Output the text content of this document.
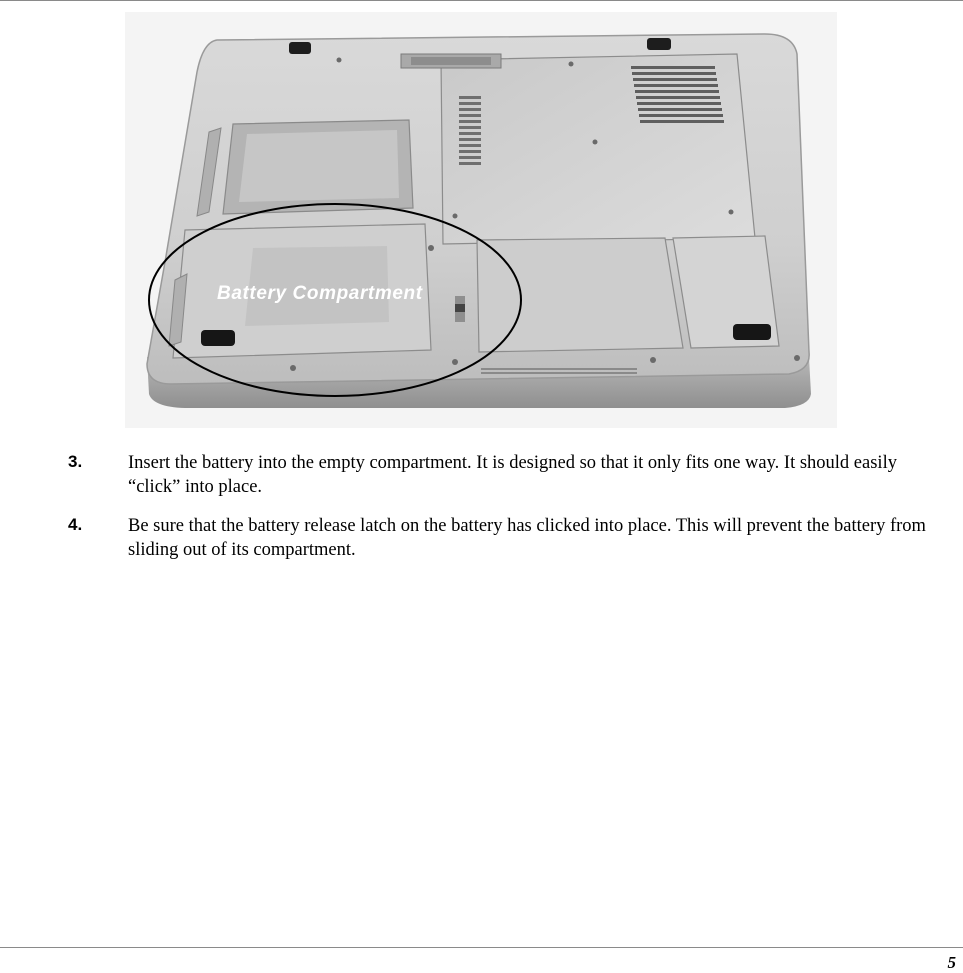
Battery Compartment
3. Insert the battery into the empty compartment. It is designed so that it only fits one way. It should easily “click” into place.
4. Be sure that the battery release latch on the battery has clicked into place. This will prevent the battery from sliding out of its compartment.
5
